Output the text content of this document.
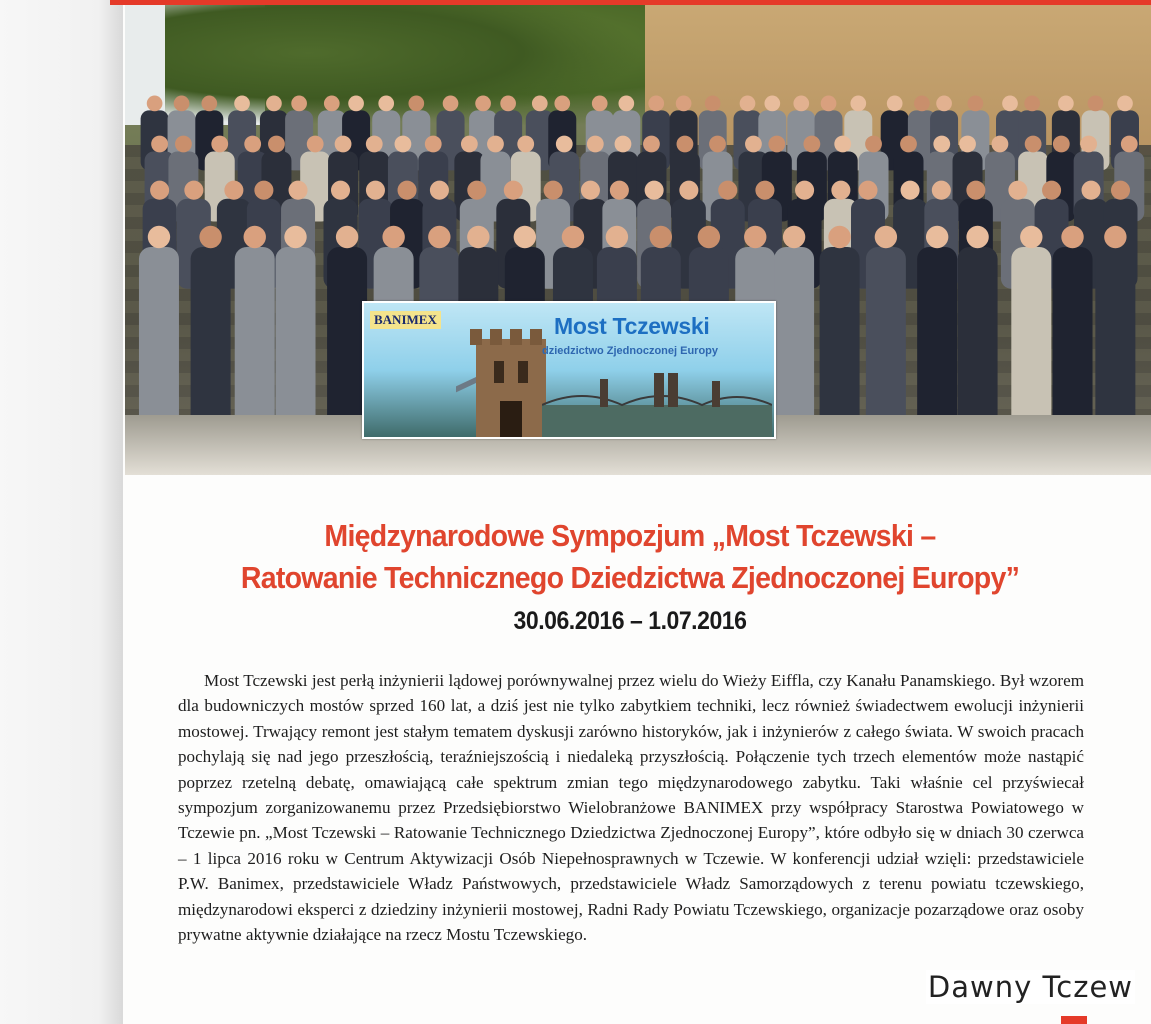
BANIMEX	Most Tczewski
dziedzictwo Zjednoczonej Europy
Międzynarodowe Sympozjum „Most Tczewski –
Ratowanie Technicznego Dziedzictwa Zjednoczonej Europy”
30.06.2016 – 1.07.2016
Most Tczewski jest perłą inżynierii lądowej porównywalnej przez wielu do Wieży Eiffla, czy Kanału Panamskiego. Był wzorem dla budowniczych mostów sprzed 160 lat, a dziś jest nie tylko zabytkiem techniki, lecz również świadectwem ewolucji inżynierii mostowej. Trwający remont jest stałym tematem dyskusji zarówno historyków, jak i inżynierów z całego świata. W swoich pracach pochylają się nad jego przeszłością, teraźniejszością i niedaleką przyszłością. Połączenie tych trzech elementów może nastąpić poprzez rzetelną debatę, omawiającą całe spektrum zmian tego międzynarodowego zabytku. Taki właśnie cel przyświecał sympozjum zorganizowanemu przez Przedsiębiorstwo Wielobranżowe BANIMEX przy współpracy Starostwa Powiatowego w Tczewie pn. „Most Tczewski – Ratowanie Technicznego Dziedzictwa Zjednoczonej Europy”, które odbyło się w dniach 30 czerwca – 1 lipca 2016 roku w Centrum Aktywizacji Osób Niepełnosprawnych w Tczewie. W konferencji udział wzięli: przedstawiciele P.W. Banimex, przedstawiciele Władz Państwowych, przedstawiciele Władz Samorządowych z terenu powiatu tczewskiego, międzynarodowi eksperci z dziedziny inżynierii mostowej, Radni Rady Powiatu Tczewskiego, organizacje pozarządowe oraz osoby prywatne aktywnie działające na rzecz Mostu Tczewskiego.
Dawny Tczew
